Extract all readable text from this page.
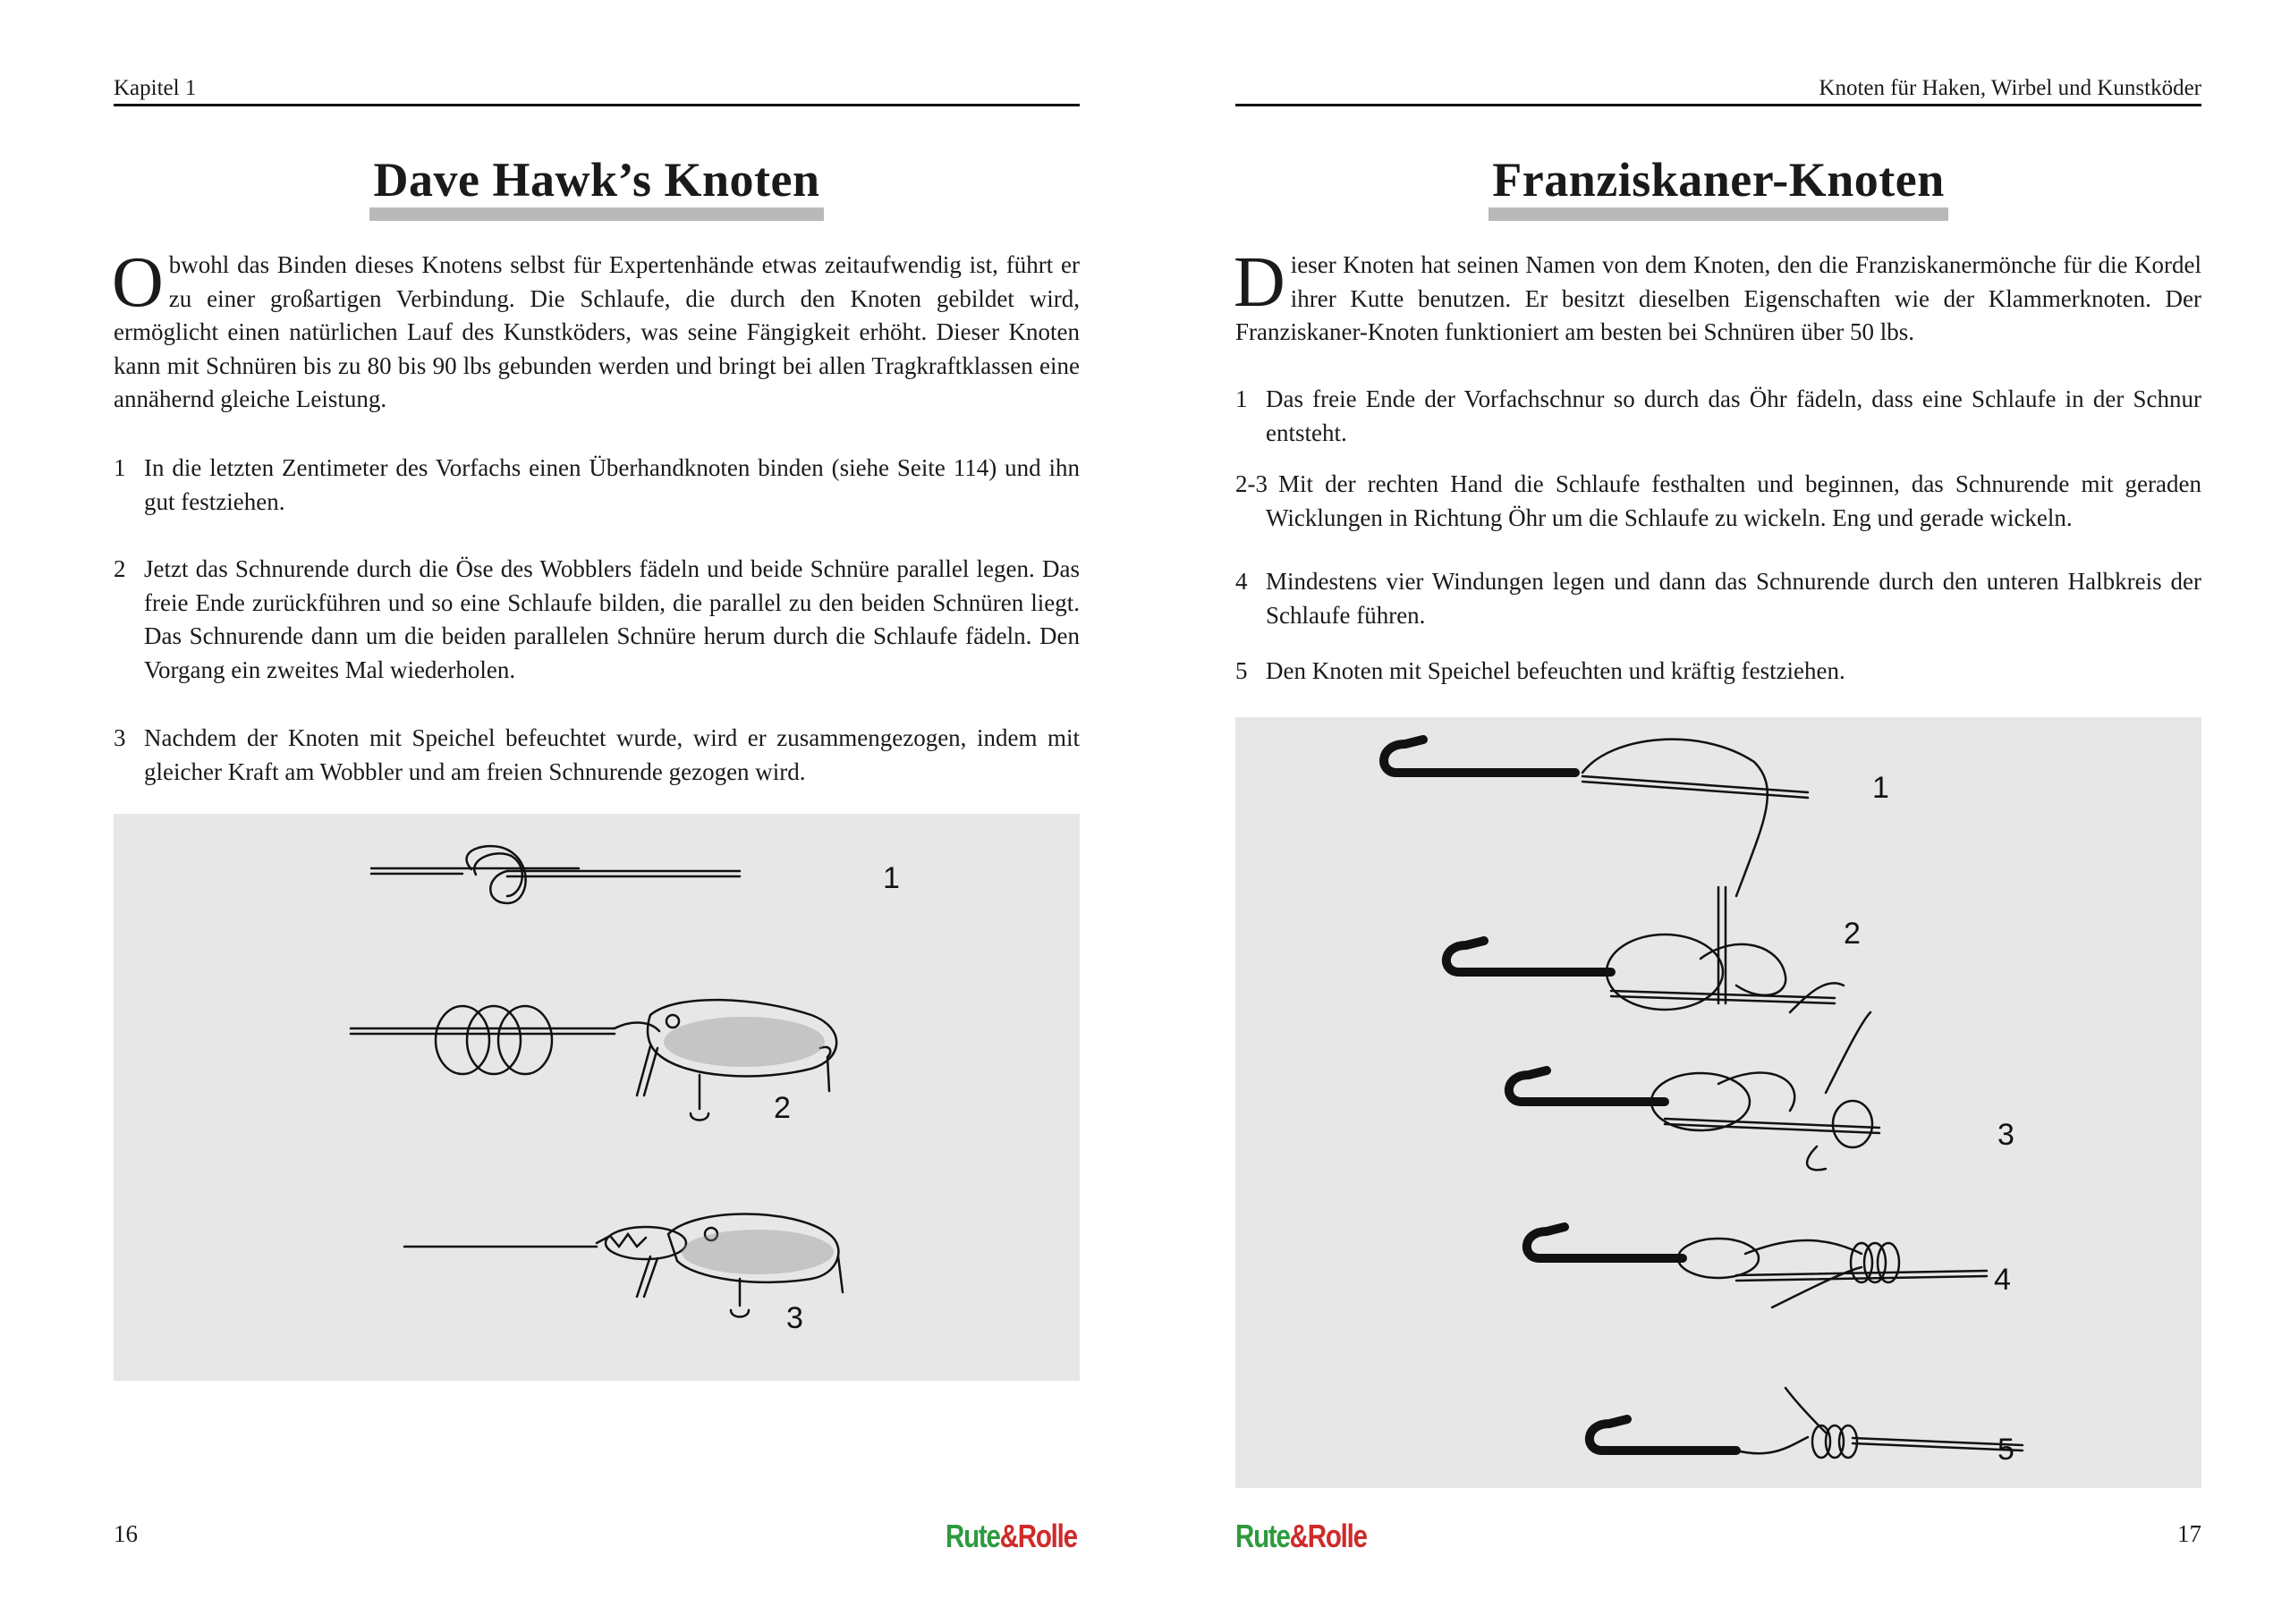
Kapitel 1
Dave Hawk’s Knoten
Obwohl das Binden dieses Knotens selbst für Expertenhände etwas zeitaufwendig ist, führt er zu einer großartigen Verbindung. Die Schlaufe, die durch den Knoten gebildet wird, ermöglicht einen natürlichen Lauf des Kunstköders, was seine Fängigkeit erhöht. Dieser Knoten kann mit Schnüren bis zu 80 bis 90 lbs gebunden werden und bringt bei allen Tragkraftklassen eine annähernd gleiche Leistung.
1 In die letzten Zentimeter des Vorfachs einen Überhandknoten binden (siehe Seite 114) und ihn gut festziehen.
2 Jetzt das Schnurende durch die Öse des Wobblers fädeln und beide Schnüre parallel legen. Das freie Ende zurückführen und so eine Schlaufe bilden, die parallel zu den beiden Schnüren liegt. Das Schnurende dann um die beiden parallelen Schnüre herum durch die Schlaufe fädeln. Den Vorgang ein zweites Mal wiederholen.
3 Nachdem der Knoten mit Speichel befeuchtet wurde, wird er zusammengezogen, indem mit gleicher Kraft am Wobbler und am freien Schnurende gezogen wird.
1
2
3
16	Rute&Rolle
Knoten für Haken, Wirbel und Kunstköder
Franziskaner-Knoten
Dieser Knoten hat seinen Namen von dem Knoten, den die Franziskanermönche für die Kordel ihrer Kutte benutzen. Er besitzt dieselben Eigenschaften wie der Klammerknoten. Der Franziskaner-Knoten funktioniert am besten bei Schnüren über 50 lbs.
1 Das freie Ende der Vorfachschnur so durch das Öhr fädeln, dass eine Schlaufe in der Schnur entsteht.
2-3 Mit der rechten Hand die Schlaufe festhalten und beginnen, das Schnurende mit geraden Wicklungen in Richtung Öhr um die Schlaufe zu wickeln. Eng und gerade wickeln.
4 Mindestens vier Windungen legen und dann das Schnurende durch den unteren Halbkreis der Schlaufe führen.
5 Den Knoten mit Speichel befeuchten und kräftig festziehen.
1
2
3
4
5
Rute&Rolle	17
